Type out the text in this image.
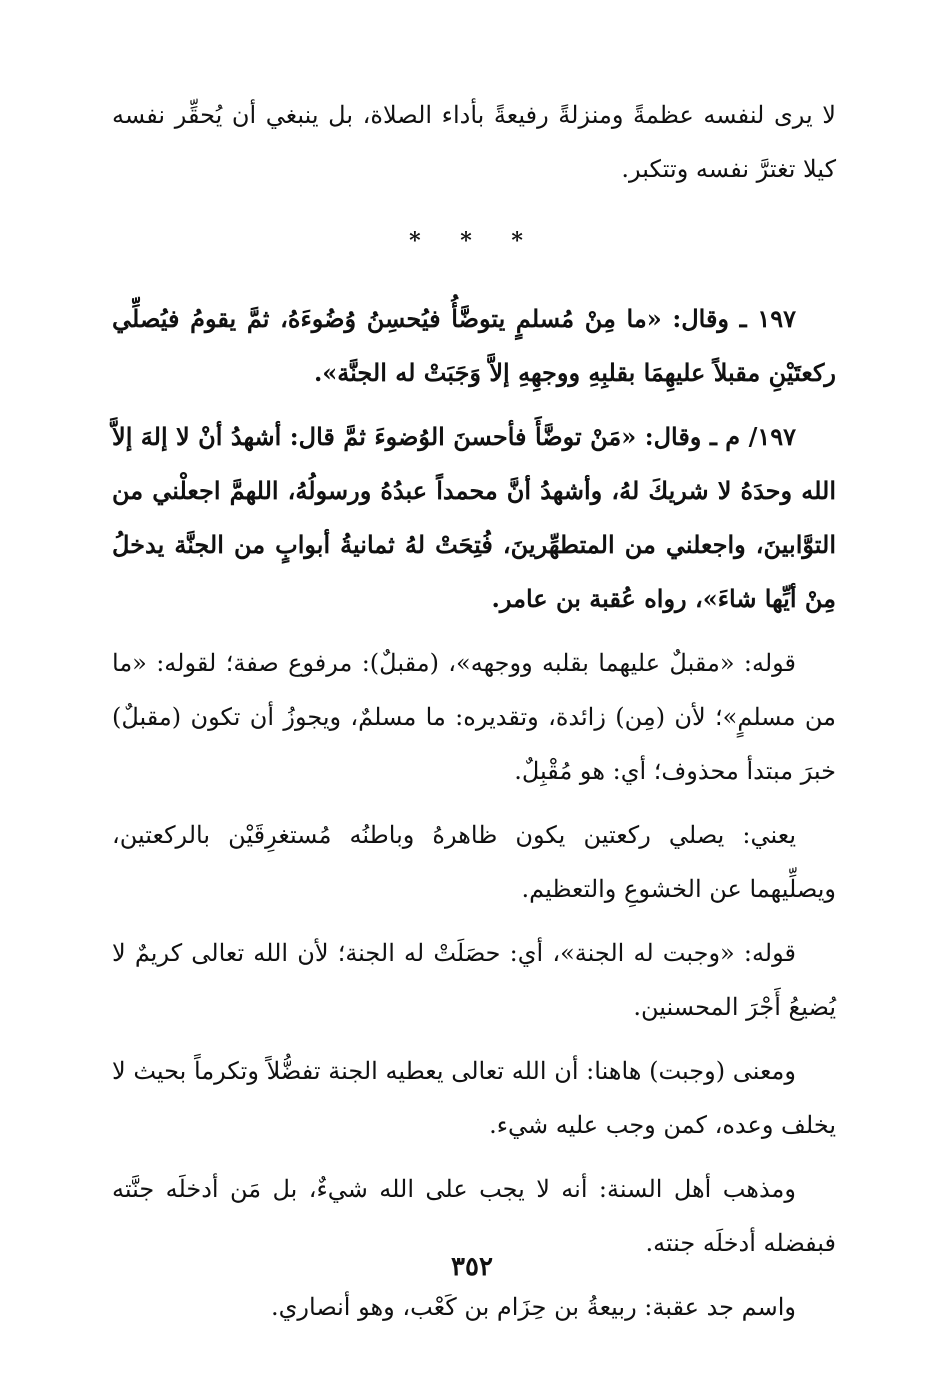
لا يرى لنفسه عظمةً ومنزلةً رفيعةً بأداء الصلاة، بل ينبغي أن يُحقِّر نفسه كيلا تغترَّ نفسه وتتكبر.

* * *

١٩٧ ـ وقال: «ما مِنْ مُسلمٍ يتوضَّأُ فيُحسِنُ وُضُوءَهُ، ثمَّ يقومُ فيُصلِّي ركعتَيْنِ مقبلاً عليهِمَا بقلبِهِ ووجهِهِ إلاَّ وَجَبَتْ له الجنَّة».

١٩٧/ م ـ وقال: «مَنْ توضَّأَ فأحسنَ الوُضوءَ ثمَّ قال: أشهدُ أنْ لا إلهَ إلاَّ الله وحدَهُ لا شريكَ لهُ، وأشهدُ أنَّ محمداً عبدُهُ ورسولُهُ، اللهمَّ اجعلْني من التوَّابينَ، واجعلني من المتطهِّرينَ، فُتِحَتْ لهُ ثمانيةُ أبوابٍ من الجنَّة يدخلُ مِنْ أيِّها شاءَ»، رواه عُقبة بن عامر.

قوله: «مقبلٌ عليهما بقلبه ووجهه»، (مقبلٌ): مرفوع صفة؛ لقوله: «ما من مسلمٍ»؛ لأن (مِن) زائدة، وتقديره: ما مسلمٌ، ويجوزُ أن تكون (مقبلٌ) خبرَ مبتدأ محذوف؛ أي: هو مُقْبِلٌ.

يعني: يصلي ركعتين يكون ظاهرهُ وباطنُه مُستغرِقَيْن بالركعتين، ويصلِّيهما عن الخشوعِ والتعظيم.

قوله: «وجبت له الجنة»، أي: حصَلَتْ له الجنة؛ لأن الله تعالى كريمٌ لا يُضيعُ أَجْرَ المحسنين.

ومعنى (وجبت) هاهنا: أن الله تعالى يعطيه الجنة تفضُّلاً وتكرماً بحيث لا يخلف وعده، كمن وجب عليه شيء.

ومذهب أهل السنة: أنه لا يجب على الله شيءٌ، بل مَن أدخلَه جنَّته فبفضله أدخلَه جنته.

واسم جد عقبة: ربيعةُ بن حِزَام بن كَعْب، وهو أنصاري.

٣٥٢
